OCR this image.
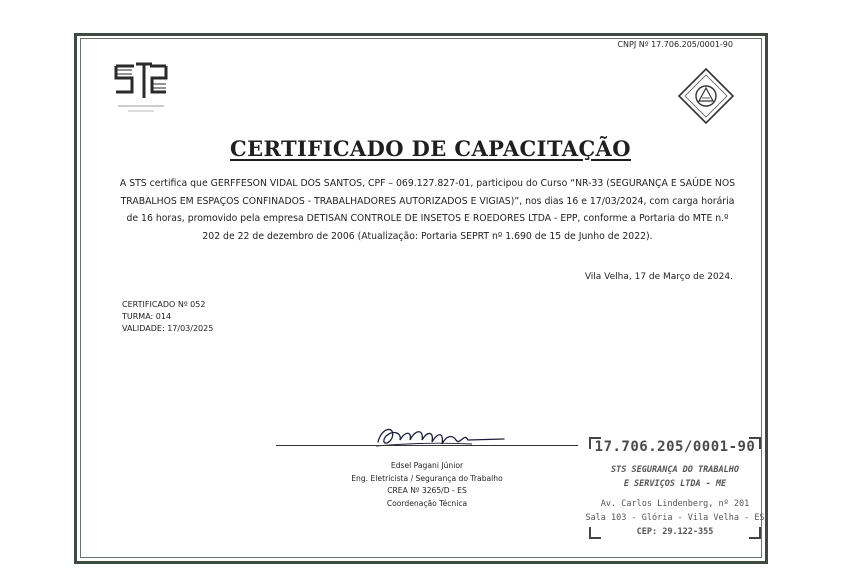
CNPJ Nº 17.706.205/0001-90
CERTIFICADO DE CAPACITAÇÃO
A STS certifica que GERFFESON VIDAL DOS SANTOS, CPF – 069.127.827-01, participou do Curso “NR-33 (SEGURANÇA E SAÚDE NOS
TRABALHOS EM ESPAÇOS CONFINADOS - TRABALHADORES AUTORIZADOS E VIGIAS)”, nos dias 16 e 17/03/2024, com carga horária
de 16 horas, promovido pela empresa DETISAN CONTROLE DE INSETOS E ROEDORES LTDA - EPP, conforme a Portaria do MTE n.º
202 de 22 de dezembro de 2006 (Atualização: Portaria SEPRT nº 1.690 de 15 de Junho de 2022).
Vila Velha, 17 de Março de 2024.
CERTIFICADO Nº 052
TURMA: 014
VALIDADE: 17/03/2025
Edsel Pagani Júnior
Eng. Eletricista / Segurança do Trabalho
CREA Nº 3265/D - ES
Coordenação Técnica
17.706.205/0001-90
STS SEGURANÇA DO TRABALHO
E SERVIÇOS LTDA - ME
Av. Carlos Lindenberg, nº 201
Sala 103 - Glória - Vila Velha - ES
CEP: 29.122-355
